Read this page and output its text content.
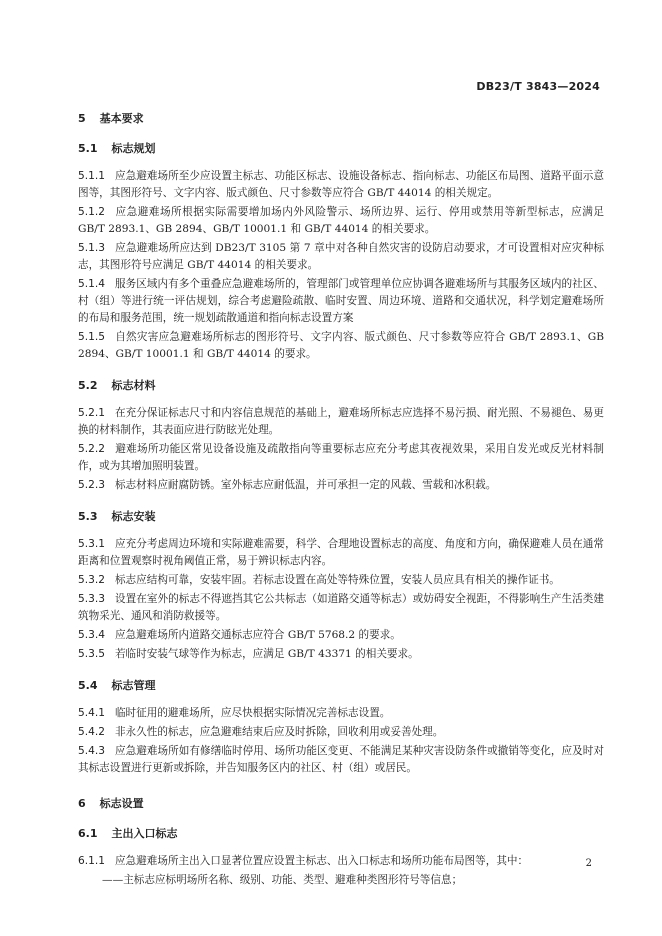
DB23/T 3843—2024
5 基本要求
5.1 标志规划
5.1.1 应急避难场所至少应设置主标志、功能区标志、设施设备标志、指向标志、功能区布局图、道路平面示意图等，其图形符号、文字内容、版式颜色、尺寸参数等应符合 GB/T 44014 的相关规定。
5.1.2 应急避难场所根据实际需要增加场内外风险警示、场所边界、运行、停用或禁用等新型标志，应满足 GB/T 2893.1、GB 2894、GB/T 10001.1 和 GB/T 44014 的相关要求。
5.1.3 应急避难场所应达到 DB23/T 3105 第 7 章中对各种自然灾害的设防启动要求，才可设置相对应灾种标志，其图形符号应满足 GB/T 44014 的相关要求。
5.1.4 服务区域内有多个重叠应急避难场所的，管理部门或管理单位应协调各避难场所与其服务区域内的社区、村（组）等进行统一评估规划，综合考虑避险疏散、临时安置、周边环境、道路和交通状况，科学划定避难场所的布局和服务范围，统一规划疏散通道和指向标志设置方案
5.1.5 自然灾害应急避难场所标志的图形符号、文字内容、版式颜色、尺寸参数等应符合 GB/T 2893.1、GB 2894、GB/T 10001.1 和 GB/T 44014 的要求。
5.2 标志材料
5.2.1 在充分保证标志尺寸和内容信息规范的基础上，避难场所标志应选择不易污损、耐光照、不易褪色、易更换的材料制作，其表面应进行防眩光处理。
5.2.2 避难场所功能区常见设备设施及疏散指向等重要标志应充分考虑其夜视效果，采用自发光或反光材料制作，或为其增加照明装置。
5.2.3 标志材料应耐腐防锈。室外标志应耐低温，并可承担一定的风载、雪载和冰积载。
5.3 标志安装
5.3.1 应充分考虑周边环境和实际避难需要，科学、合理地设置标志的高度、角度和方向，确保避难人员在通常距离和位置观察时视角阈值正常，易于辨识标志内容。
5.3.2 标志应结构可靠，安装牢固。若标志设置在高处等特殊位置，安装人员应具有相关的操作证书。
5.3.3 设置在室外的标志不得遮挡其它公共标志（如道路交通等标志）或妨碍安全视距，不得影响生产生活类建筑物采光、通风和消防救援等。
5.3.4 应急避难场所内道路交通标志应符合 GB/T 5768.2 的要求。
5.3.5 若临时安装气球等作为标志，应满足 GB/T 43371 的相关要求。
5.4 标志管理
5.4.1 临时征用的避难场所，应尽快根据实际情况完善标志设置。
5.4.2 非永久性的标志，应急避难结束后应及时拆除，回收利用或妥善处理。
5.4.3 应急避难场所如有修缮临时停用、场所功能区变更、不能满足某种灾害设防条件或撤销等变化，应及时对其标志设置进行更新或拆除，并告知服务区内的社区、村（组）或居民。
6 标志设置
6.1 主出入口标志
6.1.1 应急避难场所主出入口显著位置应设置主标志、出入口标志和场所功能布局图等，其中：
——主标志应标明场所名称、级别、功能、类型、避难种类图形符号等信息；
2
